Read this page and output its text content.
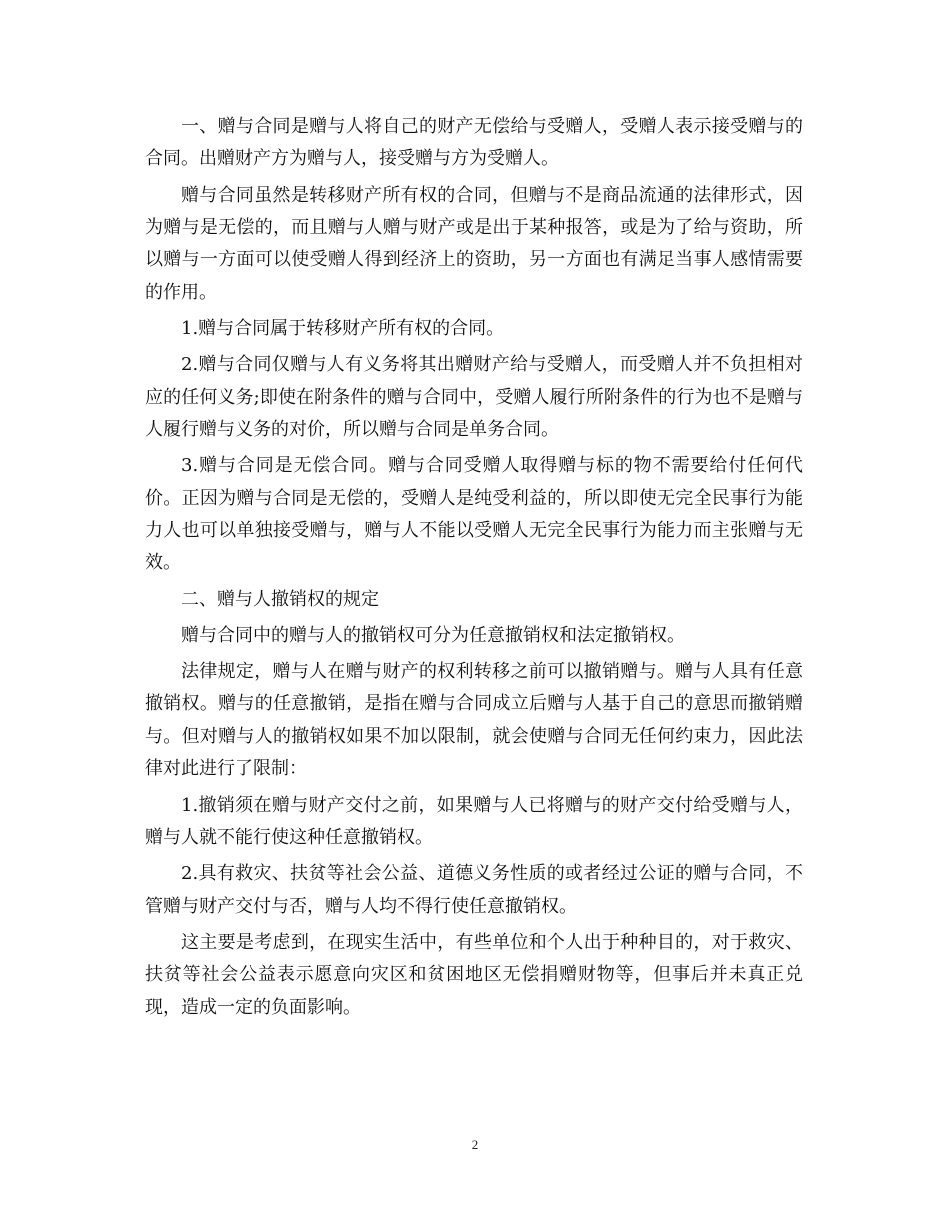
一、赠与合同是赠与人将自己的财产无偿给与受赠人，受赠人表示接受赠与的合同。出赠财产方为赠与人，接受赠与方为受赠人。

赠与合同虽然是转移财产所有权的合同，但赠与不是商品流通的法律形式，因为赠与是无偿的，而且赠与人赠与财产或是出于某种报答，或是为了给与资助，所以赠与一方面可以使受赠人得到经济上的资助，另一方面也有满足当事人感情需要的作用。

1.赠与合同属于转移财产所有权的合同。

2.赠与合同仅赠与人有义务将其出赠财产给与受赠人，而受赠人并不负担相对应的任何义务;即使在附条件的赠与合同中，受赠人履行所附条件的行为也不是赠与人履行赠与义务的对价，所以赠与合同是单务合同。

3.赠与合同是无偿合同。赠与合同受赠人取得赠与标的物不需要给付任何代价。正因为赠与合同是无偿的，受赠人是纯受利益的，所以即使无完全民事行为能力人也可以单独接受赠与，赠与人不能以受赠人无完全民事行为能力而主张赠与无效。

二、赠与人撤销权的规定

赠与合同中的赠与人的撤销权可分为任意撤销权和法定撤销权。

法律规定，赠与人在赠与财产的权利转移之前可以撤销赠与。赠与人具有任意撤销权。赠与的任意撤销，是指在赠与合同成立后赠与人基于自己的意思而撤销赠与。但对赠与人的撤销权如果不加以限制，就会使赠与合同无任何约束力，因此法律对此进行了限制：

1.撤销须在赠与财产交付之前，如果赠与人已将赠与的财产交付给受赠与人，赠与人就不能行使这种任意撤销权。

2.具有救灾、扶贫等社会公益、道德义务性质的或者经过公证的赠与合同，不管赠与财产交付与否，赠与人均不得行使任意撤销权。

这主要是考虑到，在现实生活中，有些单位和个人出于种种目的，对于救灾、扶贫等社会公益表示愿意向灾区和贫困地区无偿捐赠财物等，但事后并未真正兑现，造成一定的负面影响。

2
